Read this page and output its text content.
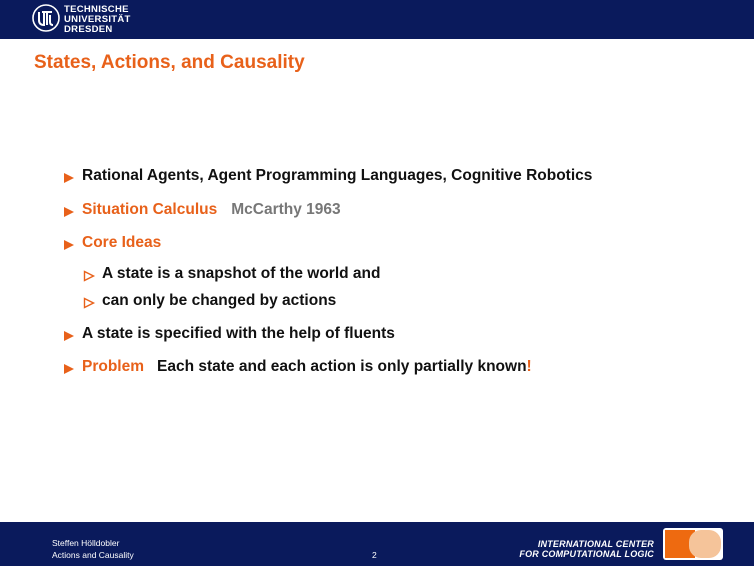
TECHNISCHE
UNIVERSITÄT
DRESDEN
States, Actions, and Causality
Rational Agents, Agent Programming Languages, Cognitive Robotics
Situation Calculus McCarthy 1963
Core Ideas
A state is a snapshot of the world and
can only be changed by actions
A state is specified with the help of fluents
Problem Each state and each action is only partially known!
Steffen Hölldobler
Actions and Causality	2
INTERNATIONAL CENTER
FOR COMPUTATIONAL LOGIC
